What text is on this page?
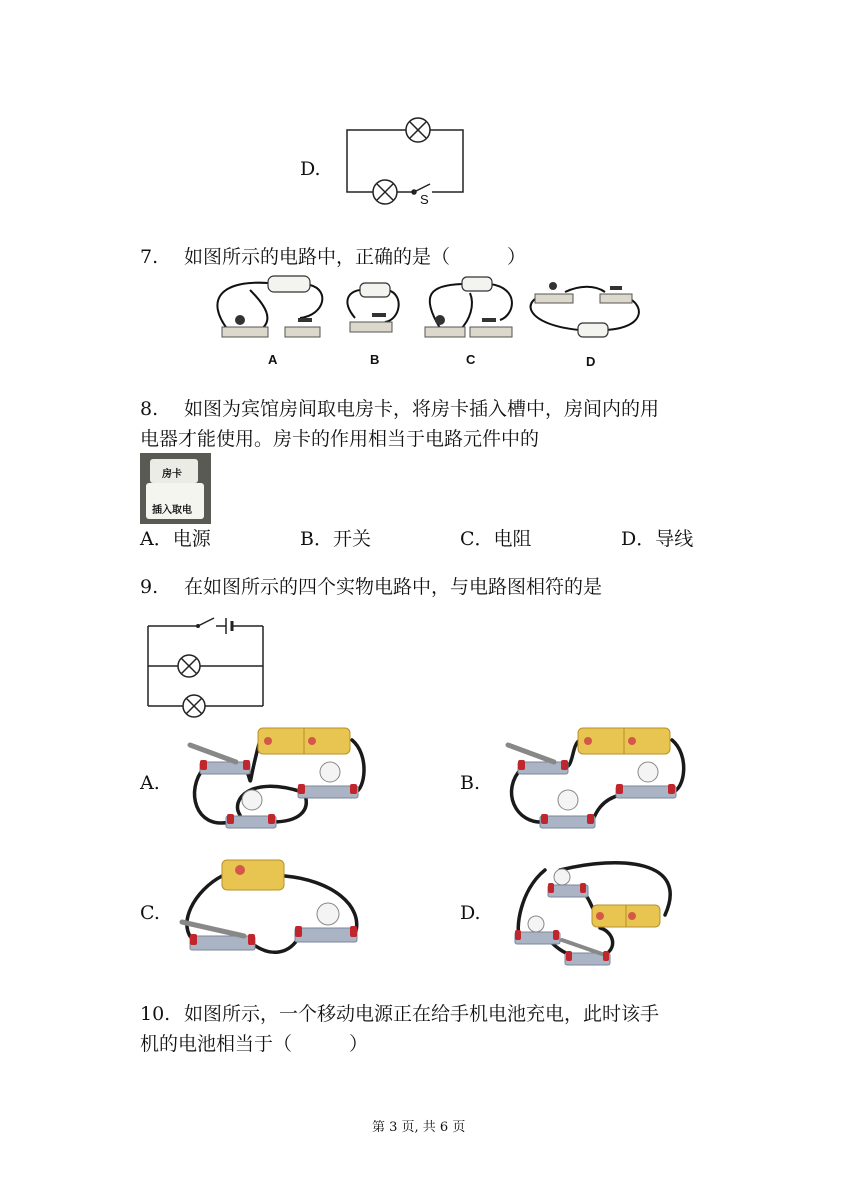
D.
S
7. 如图所示的电路中，正确的是（　　　）
A	B	C	D
8. 如图为宾馆房间取电房卡，将房卡插入槽中，房间内的用
电器才能使用。房卡的作用相当于电路元件中的
房卡
插入取电
A．电源	B．开关	C．电阻	D．导线
9. 在如图所示的四个实物电路中，与电路图相符的是
A.	B.
C.	D.
10. 如图所示，一个移动电源正在给手机电池充电，此时该手
机的电池相当于（　　　）
第 3 页, 共 6 页
